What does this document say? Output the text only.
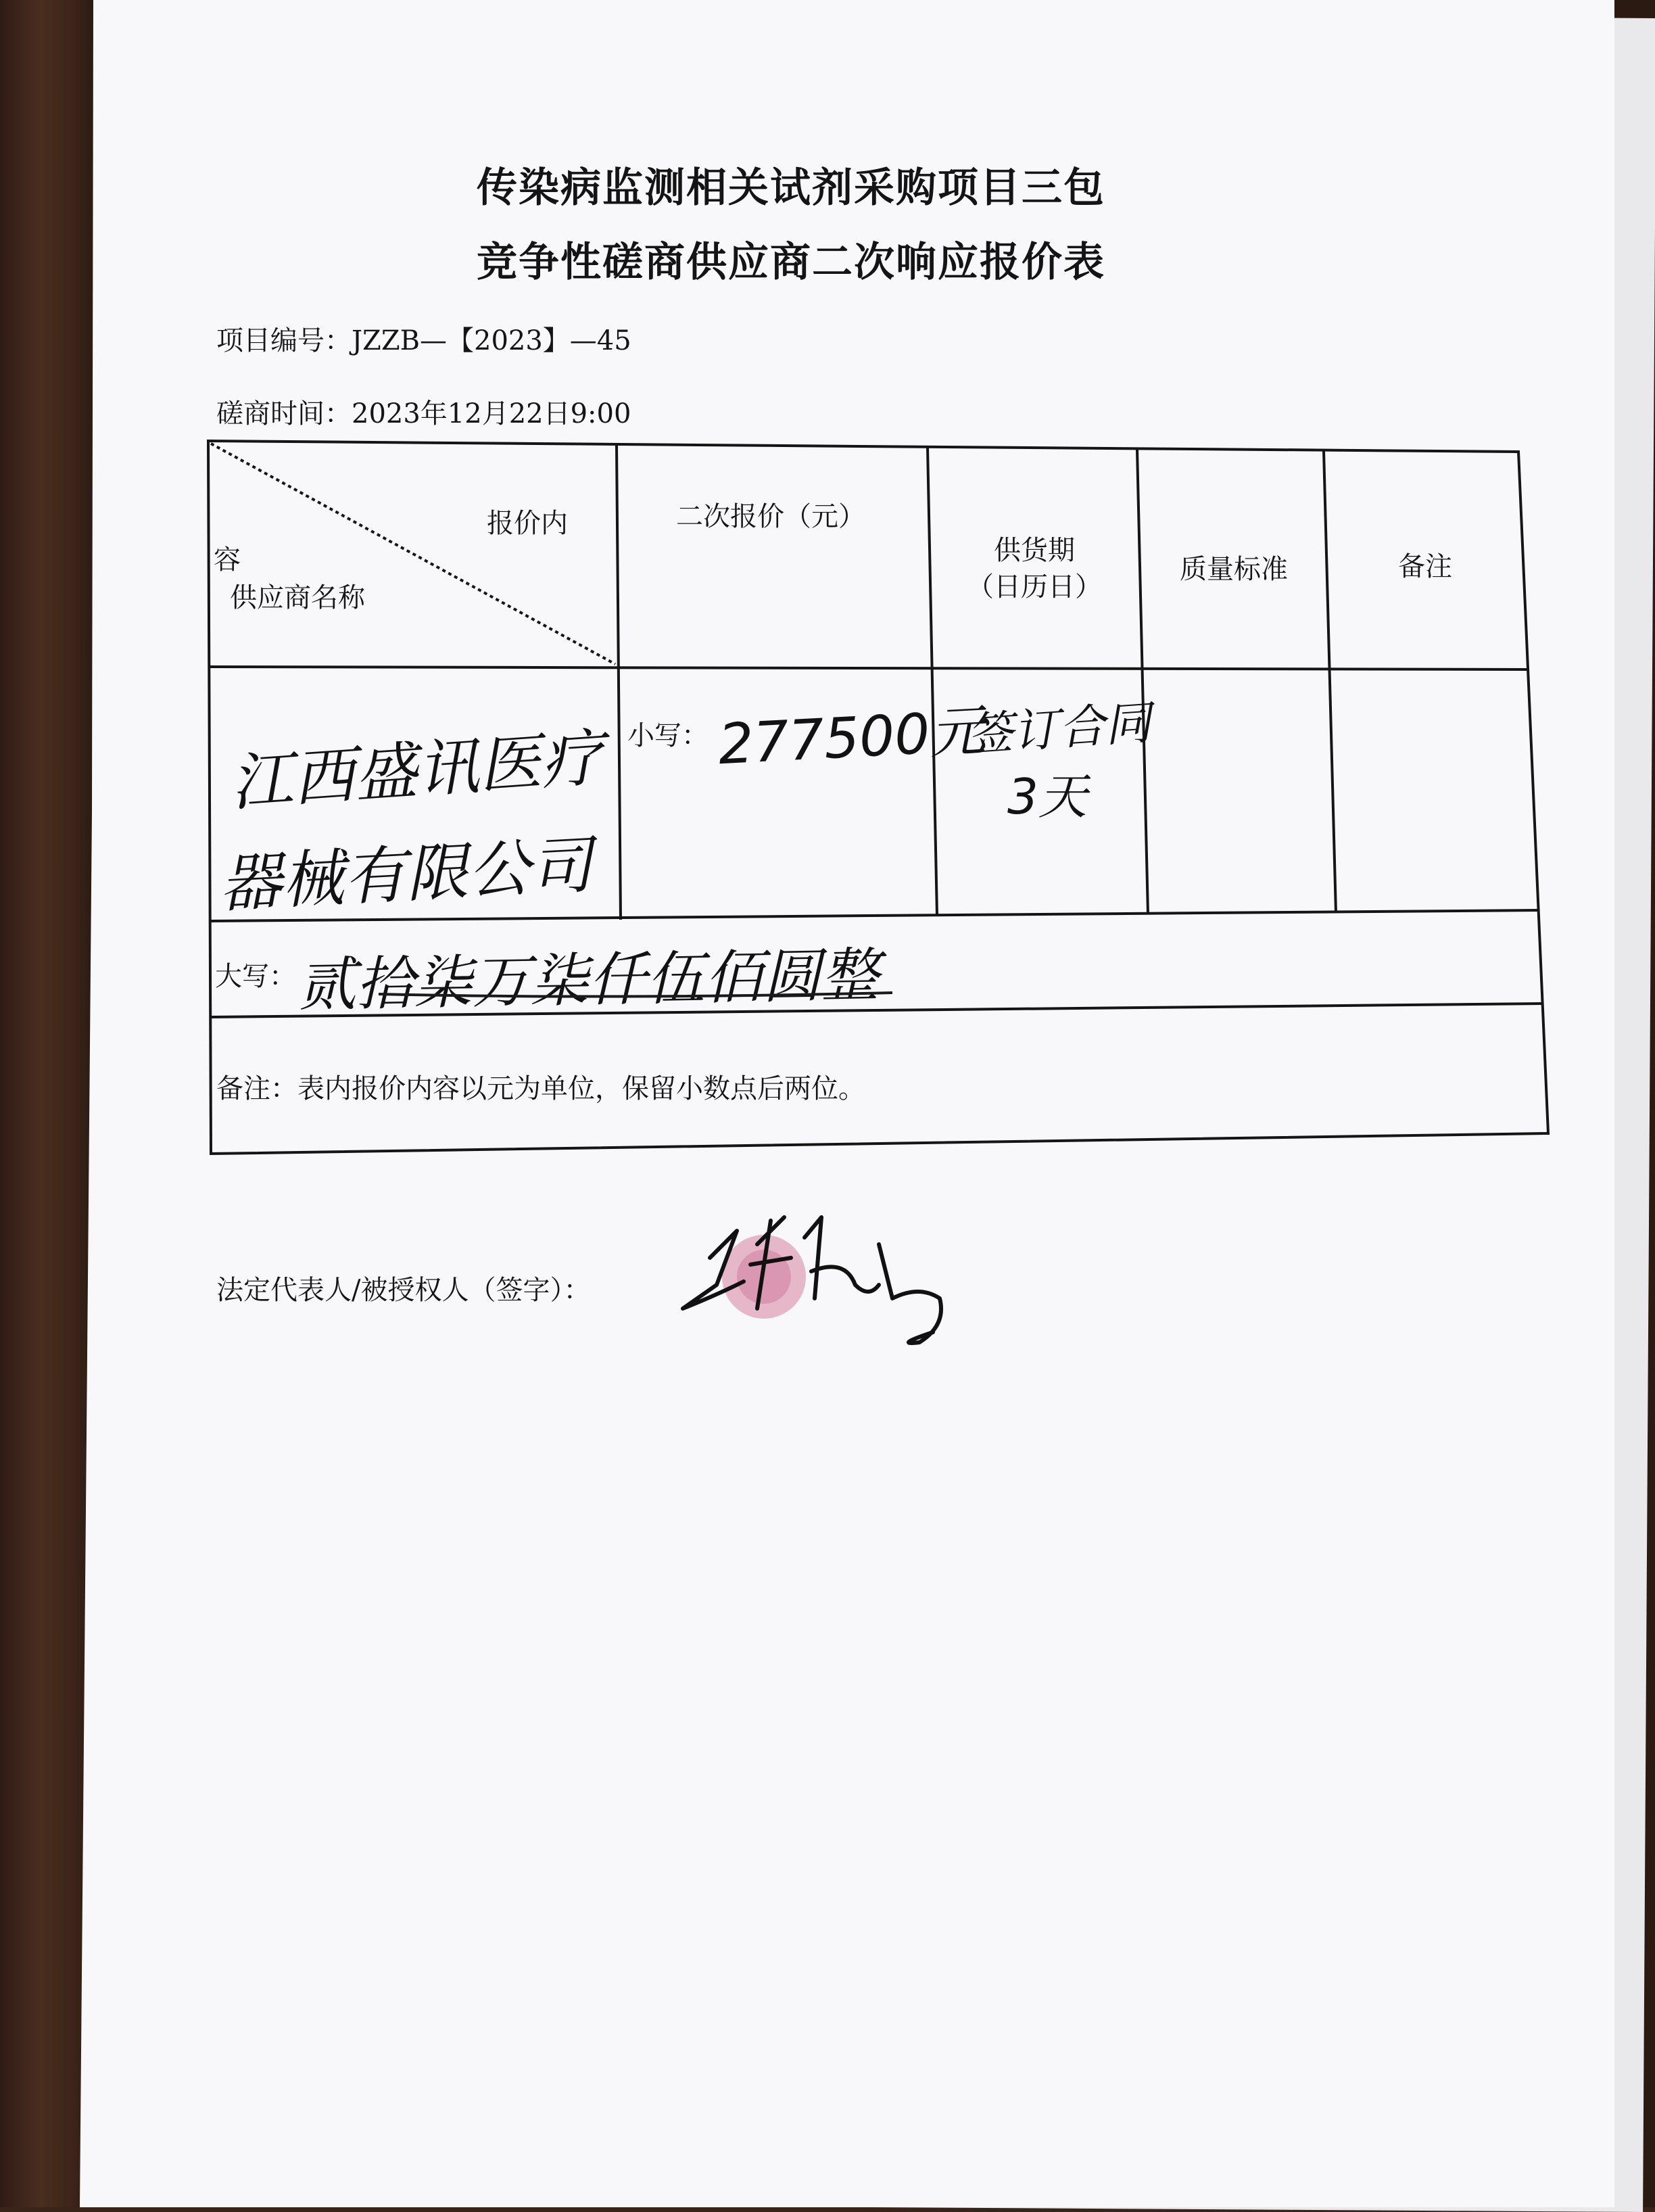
传染病监测相关试剂采购项目三包
竞争性磋商供应商二次响应报价表
项目编号：JZZB—【2023】—45
磋商时间：2023年12月22日9:00
报价内
容
供应商名称
二次报价（元）
供货期
（日历日）
质量标准	备注
江西盛讯医疗
器械有限公司
小写： 277500元
签订合同
3天
大写： 贰拾柒万柒仟伍佰圆整
备注：表内报价内容以元为单位，保留小数点后两位。
法定代表人/被授权人（签字）：
